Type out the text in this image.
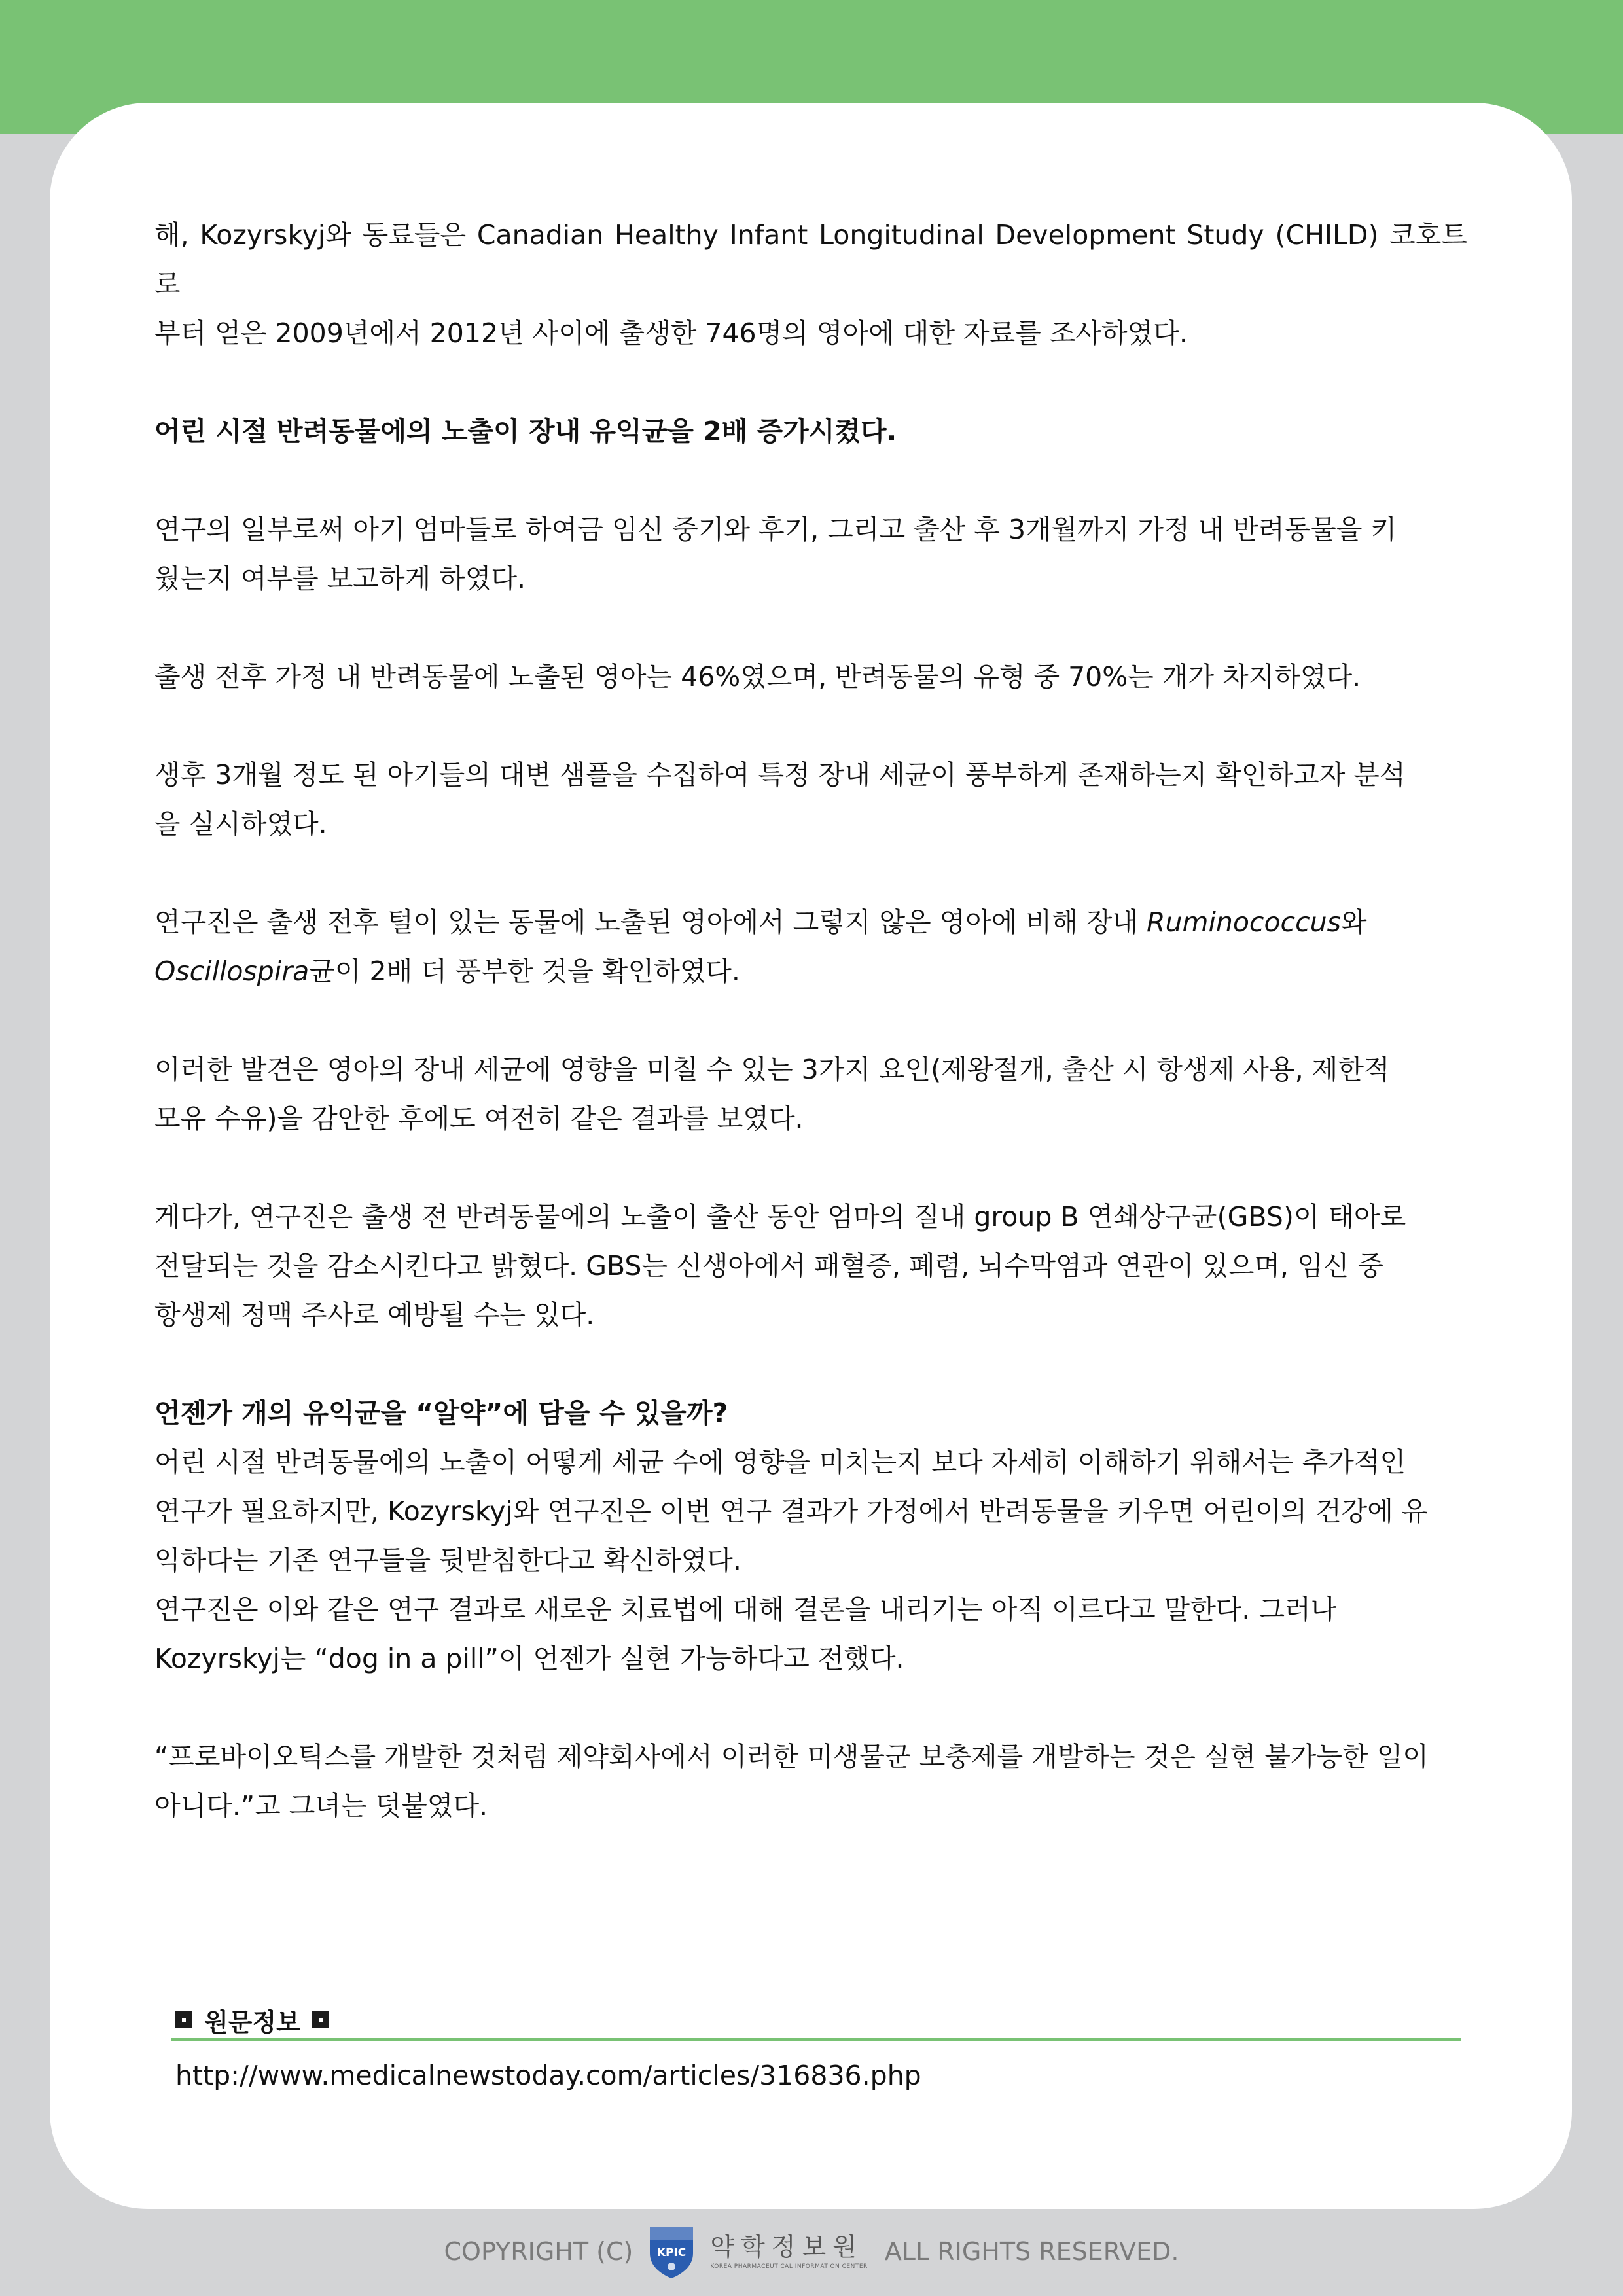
해, Kozyrskyj와 동료들은 Canadian Healthy Infant Longitudinal Development Study (CHILD) 코호트로
부터 얻은 2009년에서 2012년 사이에 출생한 746명의 영아에 대한 자료를 조사하였다.

어린 시절 반려동물에의 노출이 장내 유익균을 2배 증가시켰다.

연구의 일부로써 아기 엄마들로 하여금 임신 중기와 후기, 그리고 출산 후 3개월까지 가정 내 반려동물을 키
웠는지 여부를 보고하게 하였다.

출생 전후 가정 내 반려동물에 노출된 영아는 46%였으며, 반려동물의 유형 중 70%는 개가 차지하였다.

생후 3개월 정도 된 아기들의 대변 샘플을 수집하여 특정 장내 세균이 풍부하게 존재하는지 확인하고자 분석
을 실시하였다.

연구진은 출생 전후 털이 있는 동물에 노출된 영아에서 그렇지 않은 영아에 비해 장내 Ruminococcus와
Oscillospira균이 2배 더 풍부한 것을 확인하였다.

이러한 발견은 영아의 장내 세균에 영향을 미칠 수 있는 3가지 요인(제왕절개, 출산 시 항생제 사용, 제한적
모유 수유)을 감안한 후에도 여전히 같은 결과를 보였다.

게다가, 연구진은 출생 전 반려동물에의 노출이 출산 동안 엄마의 질내 group B 연쇄상구균(GBS)이 태아로
전달되는 것을 감소시킨다고 밝혔다. GBS는 신생아에서 패혈증, 폐렴, 뇌수막염과 연관이 있으며, 임신 중
항생제 정맥 주사로 예방될 수는 있다.

언젠가 개의 유익균을 “알약”에 담을 수 있을까?

어린 시절 반려동물에의 노출이 어떻게 세균 수에 영향을 미치는지 보다 자세히 이해하기 위해서는 추가적인
연구가 필요하지만, Kozyrskyj와 연구진은 이번 연구 결과가 가정에서 반려동물을 키우면 어린이의 건강에 유
익하다는 기존 연구들을 뒷받침한다고 확신하였다.

연구진은 이와 같은 연구 결과로 새로운 치료법에 대해 결론을 내리기는 아직 이르다고 말한다. 그러나
Kozyrskyj는 “dog in a pill”이 언젠가 실현 가능하다고 전했다.

“프로바이오틱스를 개발한 것처럼 제약회사에서 이러한 미생물군 보충제를 개발하는 것은 실현 불가능한 일이
아니다.”고 그녀는 덧붙였다.

원문정보
http://www.medicalnewstoday.com/articles/316836.php
COPYRIGHT (C) KPIC 약학정보원
KOREA PHARMACEUTICAL INFORMATION CENTER
ALL RIGHTS RESERVED.
